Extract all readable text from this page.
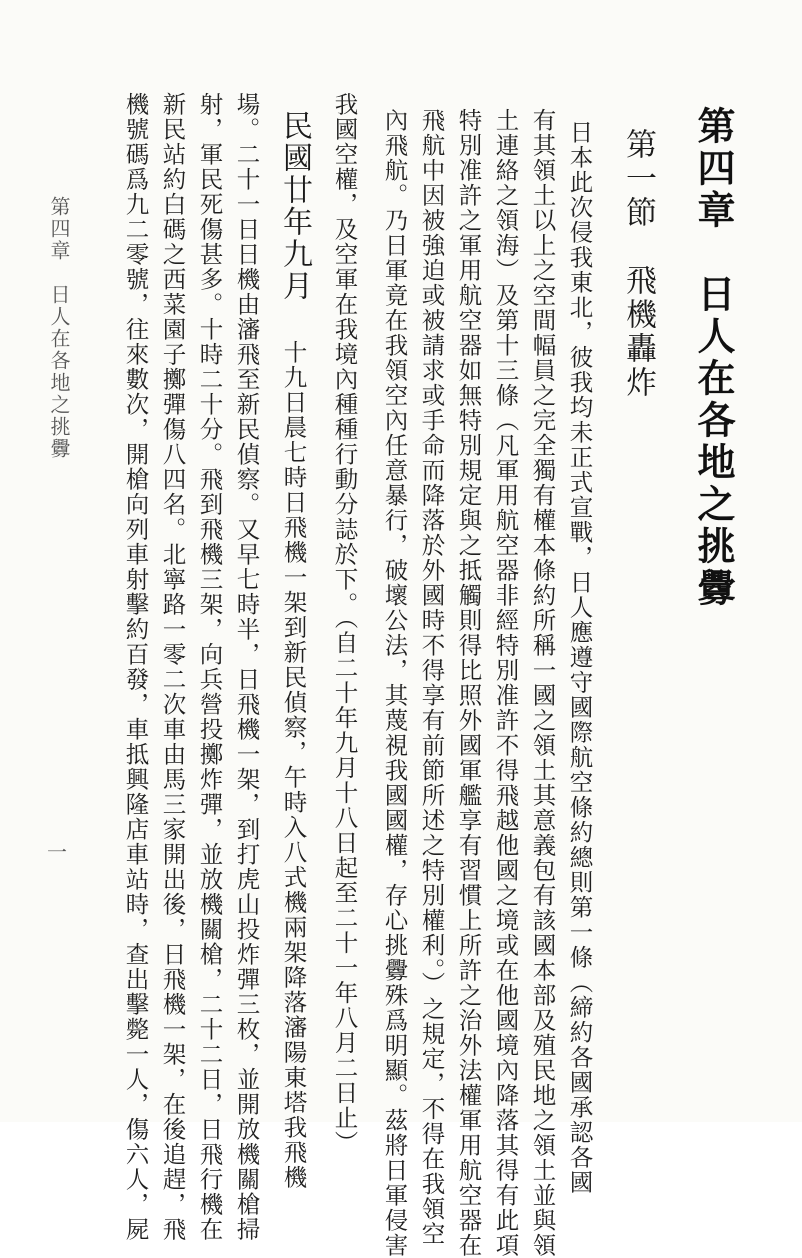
第四章　日人在各地之挑釁
第一節　飛機轟炸
日本此次侵我東北，彼我均未正式宣戰，日人應遵守國際航空條約總則第一條（締約各國承認各國
有其領土以上之空間幅員之完全獨有權本條約所稱一國之領土其意義包有該國本部及殖民地之領土並與領
土連絡之領海）及第十三條（凡軍用航空器非經特別准許不得飛越他國之境或在他國境內降落其得有此項
特別准許之軍用航空器如無特別規定與之抵觸則得比照外國軍艦享有習慣上所許之治外法權軍用航空器在
飛航中因被強迫或被請求或手命而降落於外國時不得享有前節所述之特別權利。）之規定，不得在我領空
內飛航。乃日軍竟在我領空內任意暴行，破壞公法，其蔑視我國國權，存心挑釁殊爲明顯。茲將日軍侵害
我國空權，及空軍在我境內種種行動分誌於下。（自二十年九月十八日起至二十一年八月二日止）
民國廿年九月
十九日晨七時日飛機一架到新民偵察，午時入八式機兩架降落瀋陽東塔我飛機
場。二十一日日機由瀋飛至新民偵察。又早七時半，日飛機一架，到打虎山投炸彈三枚，並開放機關槍掃
射，軍民死傷甚多。十時二十分。飛到飛機三架，向兵營投擲炸彈，並放機關槍，二十二日，日飛行機在
新民站約白碼之西菜園子擲彈傷八四名。北寧路一零二次車由馬三家開出後，日飛機一架，在後追趕，飛
機號碼爲九二零號，往來數次，開槍向列車射擊約百發，車抵興隆店車站時，查出擊斃一人，傷六人，屍
第四章　日人在各地之挑釁
一
